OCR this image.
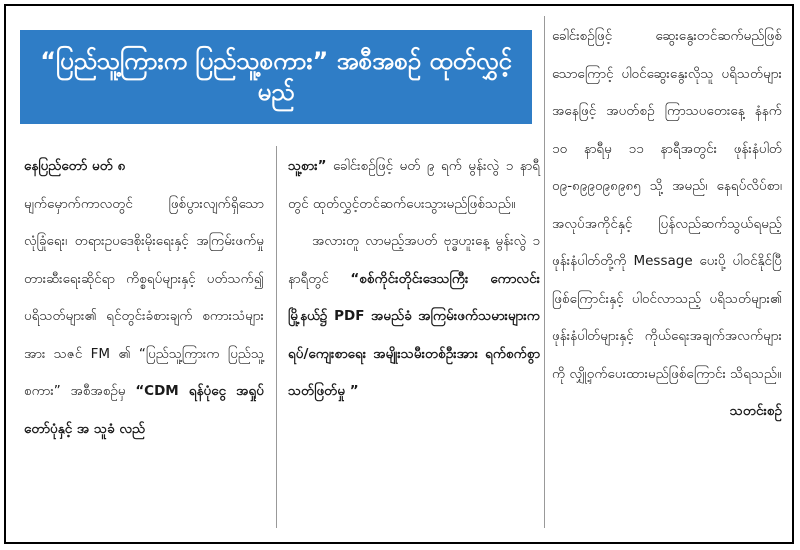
“ပြည်သူ့ကြားက ပြည်သူ့စကား” အစီအစဉ် ထုတ်လွှင့်မည်

နေပြည်တော် မတ် ၈

မျက်မှောက်ကာလတွင် ဖြစ်ပွားလျက်ရှိသော လုံခြုံရေး၊ တရားဥပဒေစိုးမိုးရေးနှင့် အကြမ်းဖက်မှုတားဆီးရေးဆိုင်ရာ ကိစ္စရပ်များနှင့် ပတ်သက်၍ ပရိသတ်များ၏ ရင်တွင်းခံစားချက် စကားသံများအား သဇင် FM ၏ “ပြည်သူ့ကြားက ပြည်သူ့စကား” အစီအစဉ်မှ “CDM ရန်ပုံငွေ အရှုပ်တော်ပုံနှင့် အ သူခံ လည်

သူ့စား” ခေါင်းစဉ်ဖြင့် မတ် ၉ ရက် မွန်းလွဲ ၁ နာရီတွင် ထုတ်လွှင့်တင်ဆက်ပေးသွားမည်ဖြစ်သည်။

အလားတူ လာမည့်အပတ် ဗုဒ္ဓဟူးနေ့ မွန်းလွဲ ၁ နာရီတွင် “စစ်ကိုင်းတိုင်းဒေသကြီး ကောလင်းမြို့နယ်၌ PDF အမည်ခံ အကြမ်းဖက်သမားများက ရပ်/ကျေးစာရေး အမျိုးသမီးတစ်ဦးအား ရက်စက်စွာသတ်ဖြတ်မှု ”

ခေါင်းစဉ်ဖြင့် ဆွေးနွေးတင်ဆက်မည်ဖြစ်သောကြောင့် ပါဝင်ဆွေးနွေးလိုသူ ပရိသတ်များအနေဖြင့် အပတ်စဉ် ကြာသပတေးနေ့ နံနက် ၁၀ နာရီမှ ၁၁ နာရီအတွင်း ဖုန်းနံပါတ် ၀၉-၈၉၉၀၉၈၉၈၅ သို့ အမည်၊ နေရပ်လိပ်စာ၊ အလုပ်အကိုင်နှင့် ပြန်လည်ဆက်သွယ်ရမည့် ဖုန်းနံပါတ်တို့ကို Message ပေးပို့ ပါဝင်နိုင်ပြီဖြစ်ကြောင်းနှင့် ပါဝင်လာသည့် ပရိသတ်များ၏ ဖုန်းနံပါတ်များနှင့် ကိုယ်ရေးအချက်အလက်များကို လျှို့ဝှက်ပေးထားမည်ဖြစ်ကြောင်း သိရသည်။

သတင်းစဉ်
